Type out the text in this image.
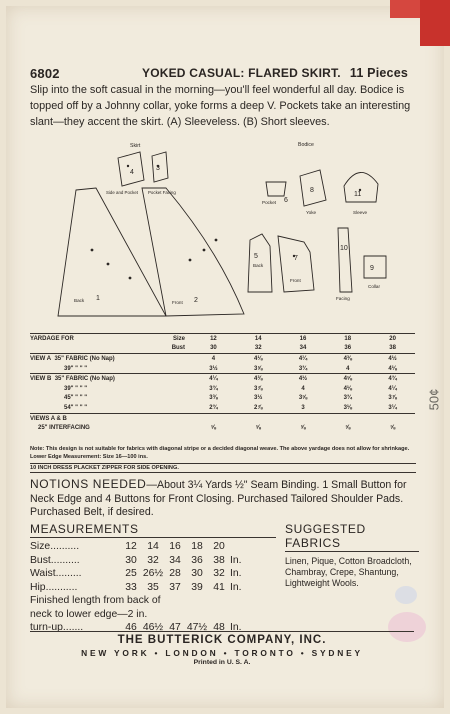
6802	YOKED CASUAL: FLARED SKIRT. 11 Pieces
Slip into the soft casual in the morning—you'll feel wonderful all day. Bodice is topped off by a Johnny collar, yoke forms a deep V. Pockets take an interesting slant—they accent the skirt. (A) Sleeveless. (B) Short sleeves.
Skirt	Bodice
1
Back	2
Front
3
Pocket Facing
4
Side and Pocket
5
Back
6
Pocket
7
Front
8
Yoke
9
Collar
10
Facing
11
Sleeve
YARDAGE FOR Size	12	14	16	18	20

Bust	30	32	34	36	38
VIEW A 35" FABRIC (No Nap)	4	4⅛	4¼	4⅜	4½
39" " " "	3½	3⅝	3¾	4	4⅛
VIEW B 35" FABRIC (No Nap)	4¼	4⅜	4½	4⅝	4¾
39" " " "	3¾	3⅞	4	4⅛	4¼
45" " " "	3⅜	3½	3⅝	3¾	3⅞
54" " " "	2¾	2⅞	3	3⅛	3¼
VIEWS A & B					
25" INTERFACING	⅝	⅝	⅝	⅝	⅝
Note: This design is not suitable for fabrics with diagonal stripe or a decided diagonal weave. The above yardage does not allow for shrinkage. Lower Edge Measurement: Size 16—100 ins.
10 INCH DRESS PLACKET ZIPPER FOR SIDE OPENING.
NOTIONS NEEDED—About 3¼ Yards ½" Seam Binding. 1 Small Button for Neck Edge and 4 Buttons for Front Closing. Purchased Tailored Shoulder Pads. Purchased Belt, if desired.
MEASUREMENTS
Size..........	12	14	16	18	20	
Bust..........	30	32	34	36	38	In.
Waist.........	25	26½	28	30	32	In.
Hip...........	33	35	37	39	41	In.
Finished length from back of
neck to lower edge—2 in.
turn-up.......	46	46½	47	47½	48	In.
SUGGESTED FABRICS
Linen, Pique, Cotton Broadcloth, Chambray, Crepe, Shantung, Lightweight Wools.
THE BUTTERICK COMPANY, INC.
NEW YORK • LONDON • TORONTO • SYDNEY
Printed in U. S. A.
50¢
